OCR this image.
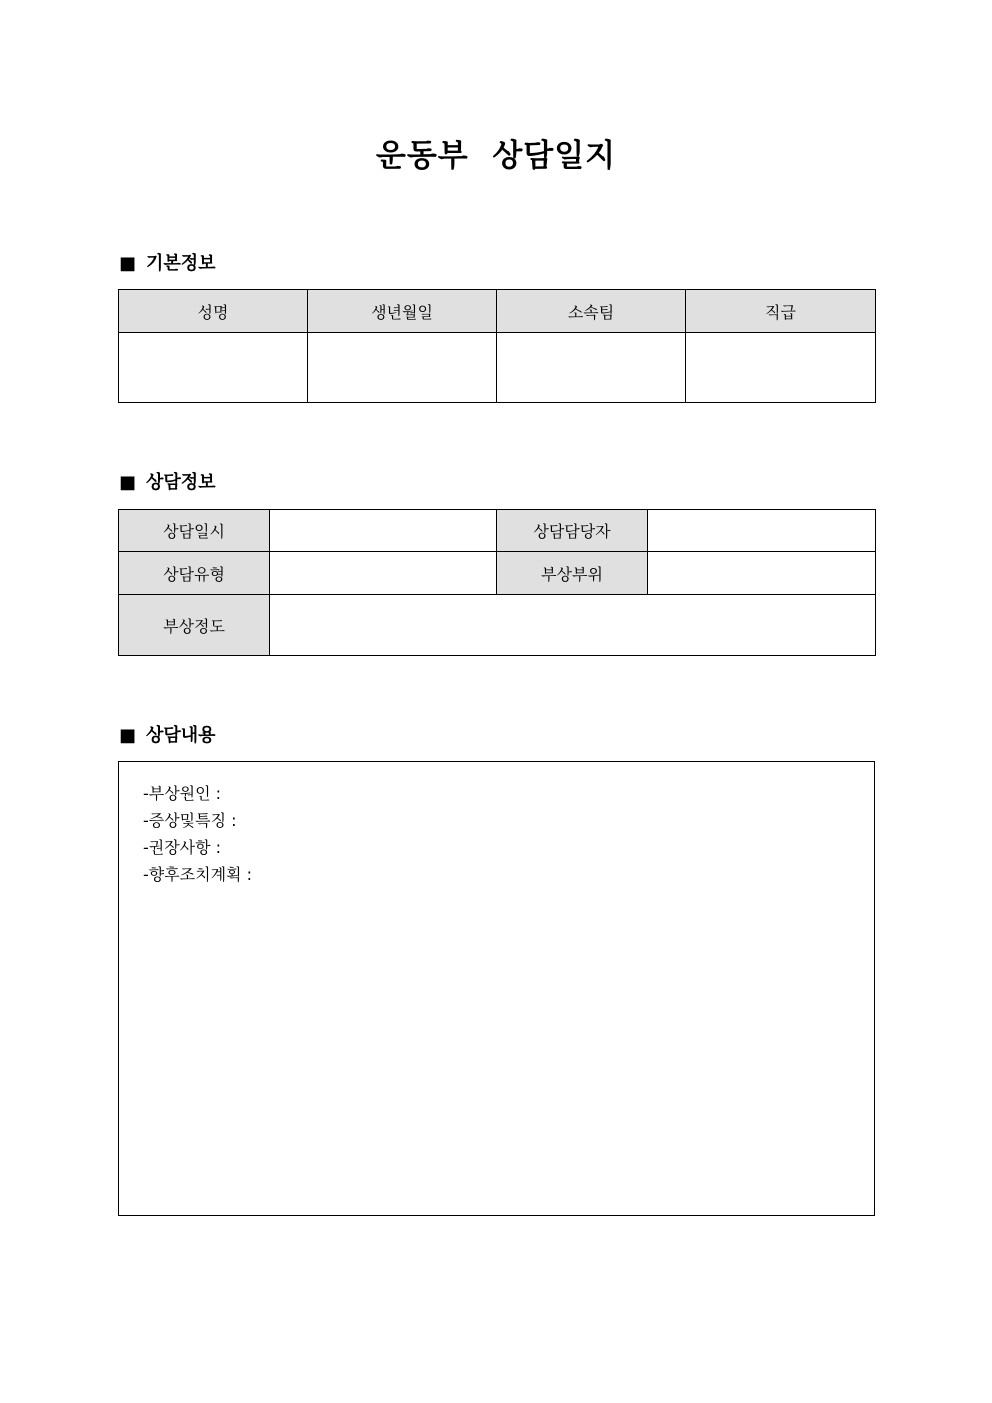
운동부  상담일지
■ 기본정보
성명	생년월일	소속팀	직급

■ 상담정보
상담일시		상담담당자	
상담유형		부상부위	
부상정도			
■ 상담내용
-부상원인 :
-증상및특징 :
-권장사항 :
-향후조치계획 :
